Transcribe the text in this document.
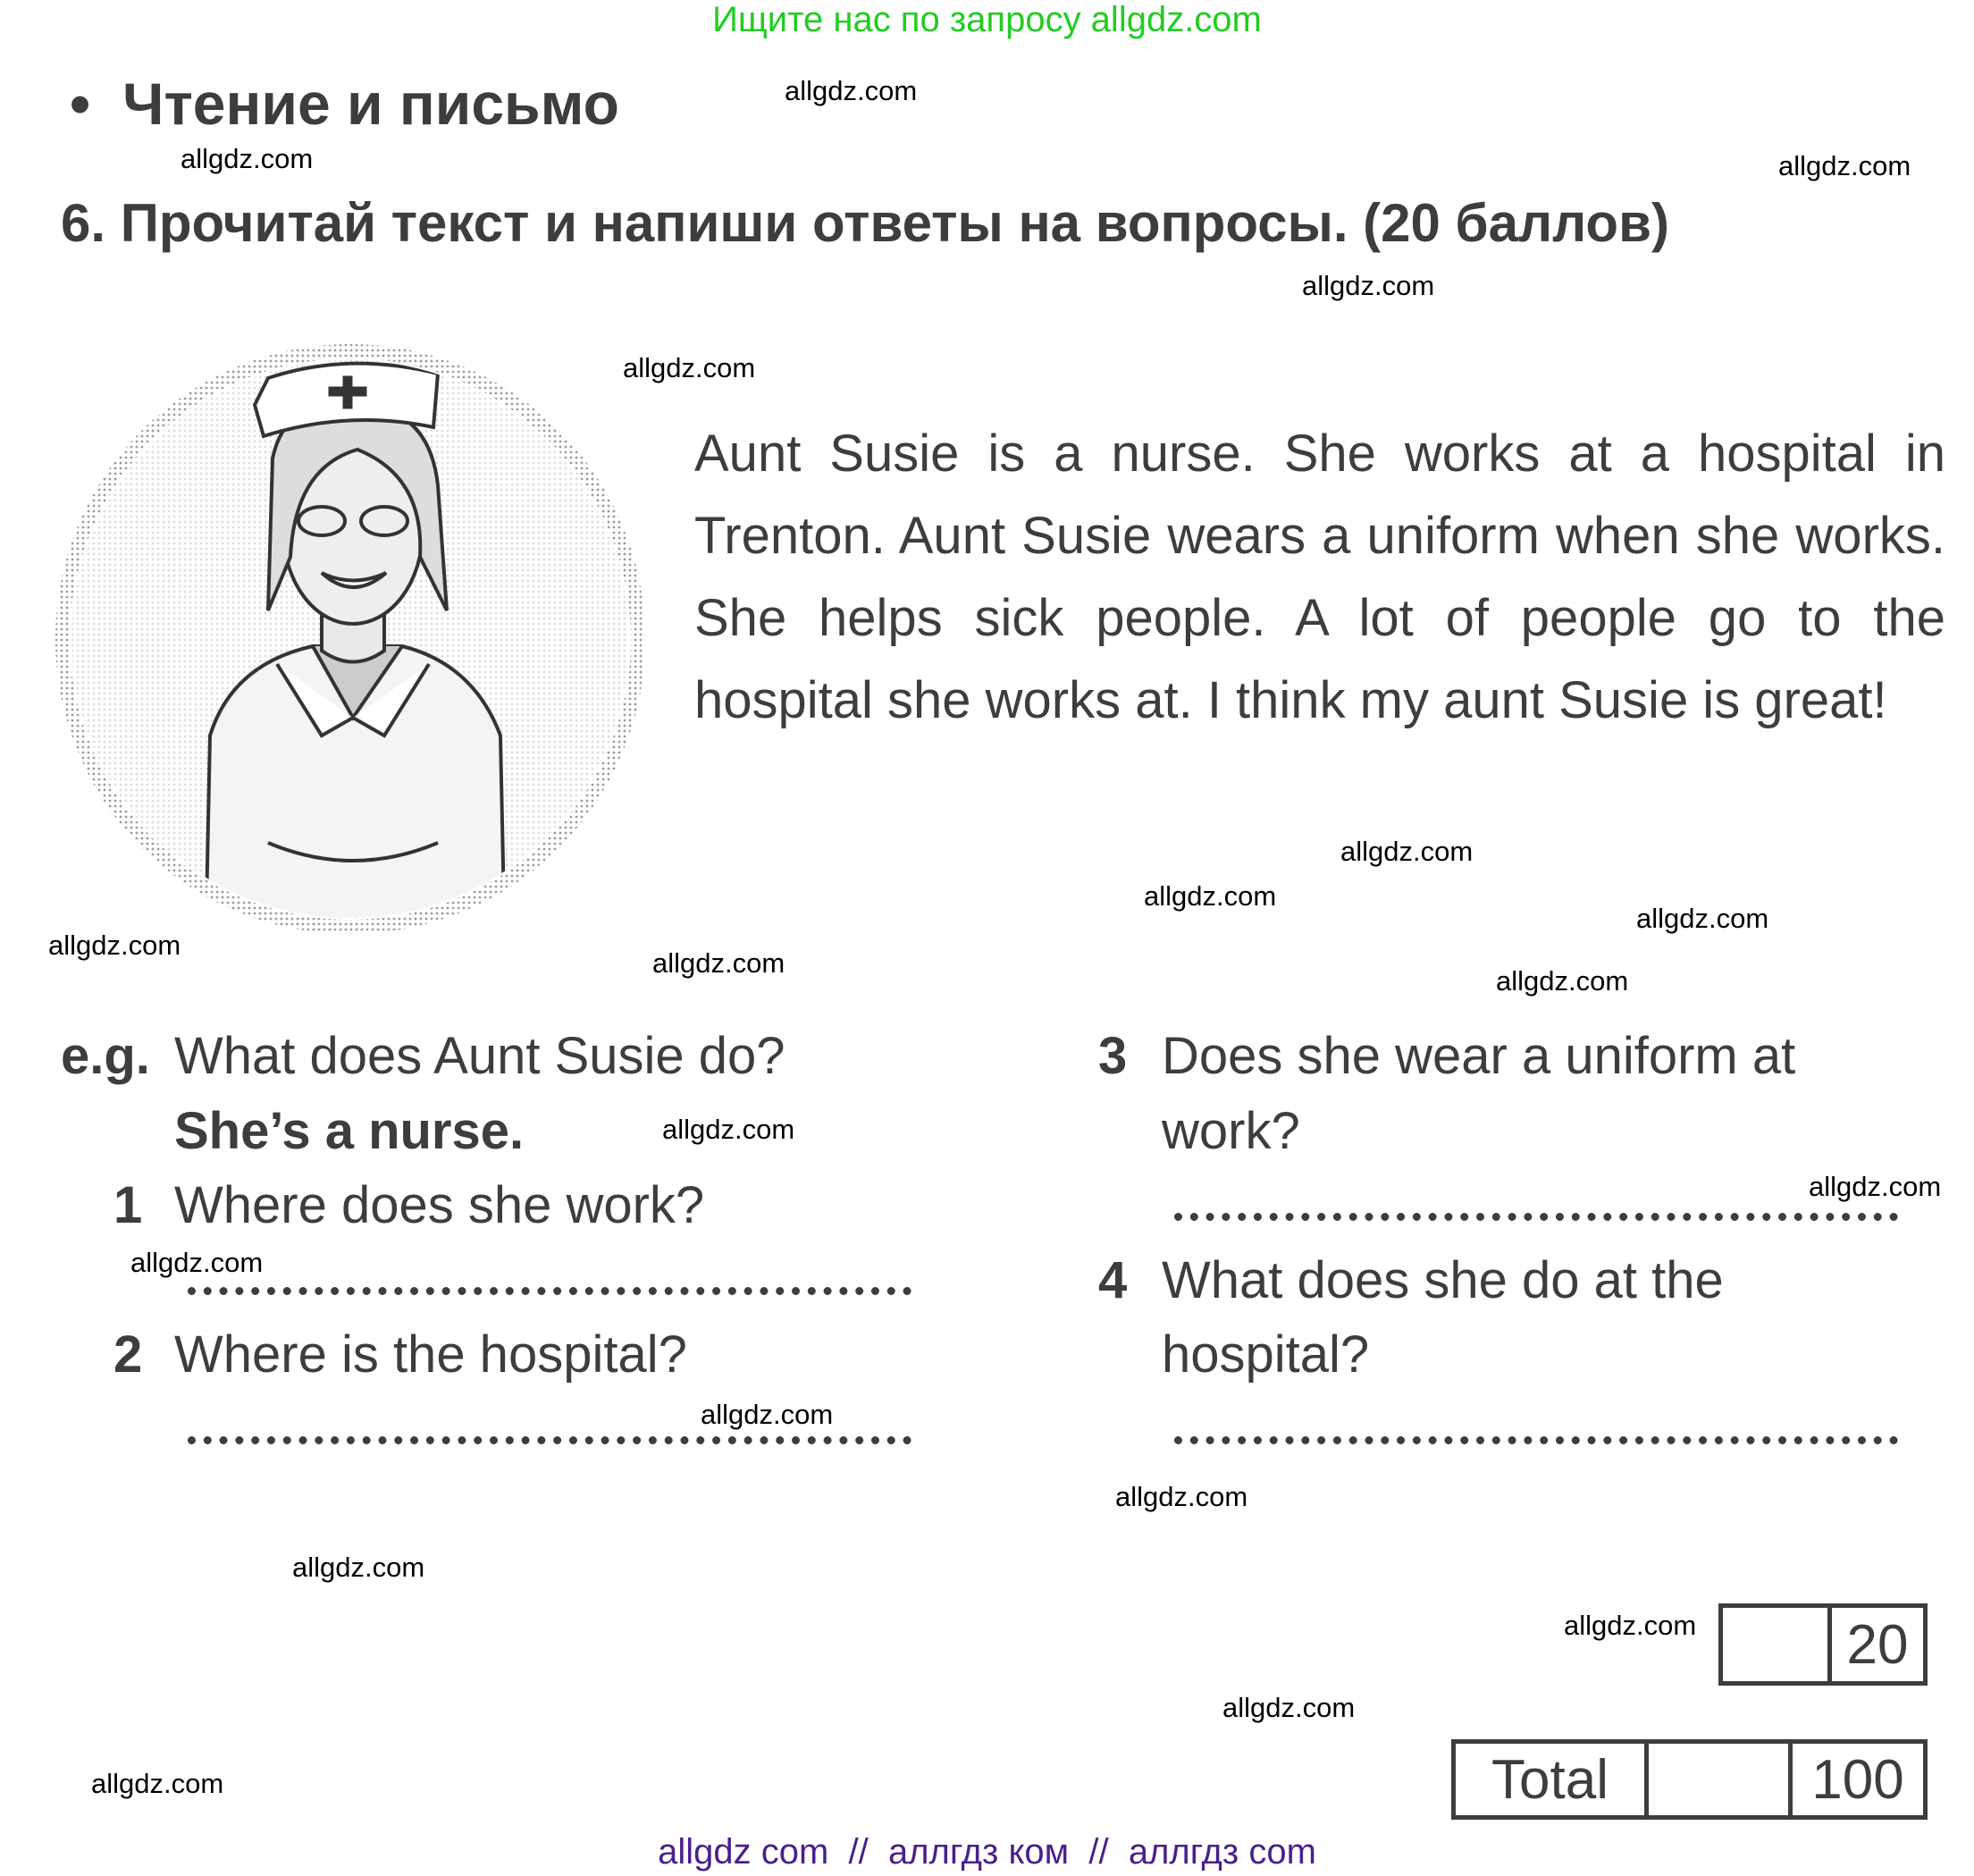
Ищите нас по запросу allgdz.com
• Чтение и письмо
6. Прочитай текст и напиши ответы на вопросы. (20 баллов)
Aunt Susie is a nurse. She works at a hospital in Trenton. Aunt Susie wears a uniform when she works. She helps sick people. A lot of people go to the hospital she works at. I think my aunt Susie is great!
e.g. What does Aunt Susie do?
She’s a nurse.
1 Where does she work?
2 Where is the hospital?
3 Does she wear a uniform at
work?
4 What does she do at the
hospital?
20
Total	100
allgdz.com
allgdz.com	allgdz.com
allgdz.com
allgdz.com
allgdz.com
allgdz.com
allgdz.com
allgdz.com
allgdz.com
allgdz.com
allgdz.com
allgdz.com
allgdz.com
allgdz.com
allgdz.com
allgdz.com
allgdz.com
allgdz.com
allgdz.com
allgdz com  //  аллгдз ком  //  аллгдз com
